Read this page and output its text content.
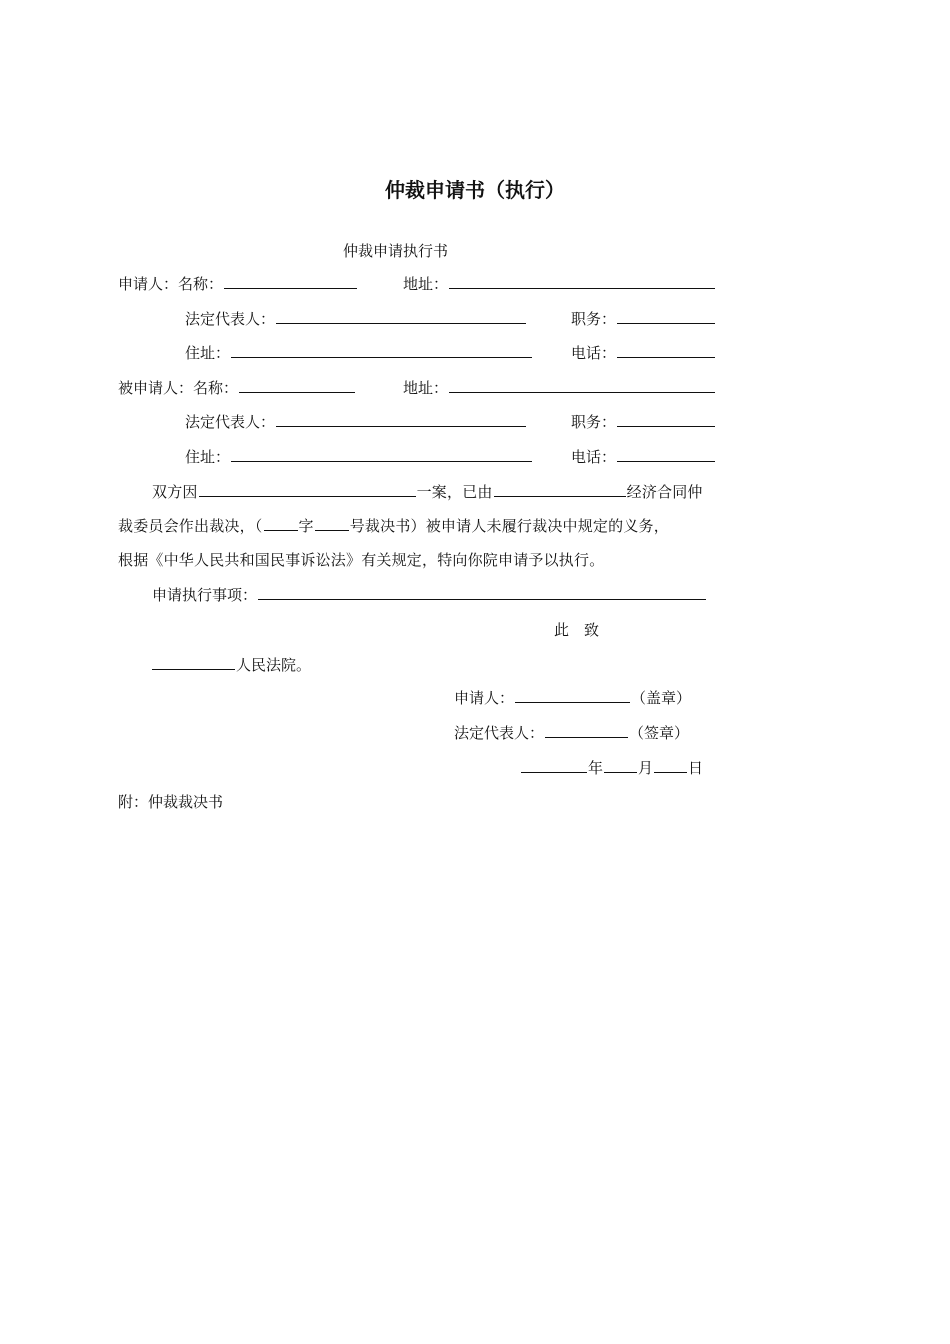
仲裁申请书（执行）
仲裁申请执行书
申请人：名称：	地址：
法定代表人：	职务：
住址：	电话：
被申请人：名称：	地址：
法定代表人：	职务：
住址：	电话：
双方因	一案，已由	经济合同仲
裁委员会作出裁决，（ 字 号裁决书）被申请人未履行裁决中规定的义务，
根据《中华人民共和国民事诉讼法》有关规定，特向你院申请予以执行。
申请执行事项：
此　致
人民法院。
申请人：	（盖章）
法定代表人：	（签章）
年 月 日
附：仲裁裁决书
